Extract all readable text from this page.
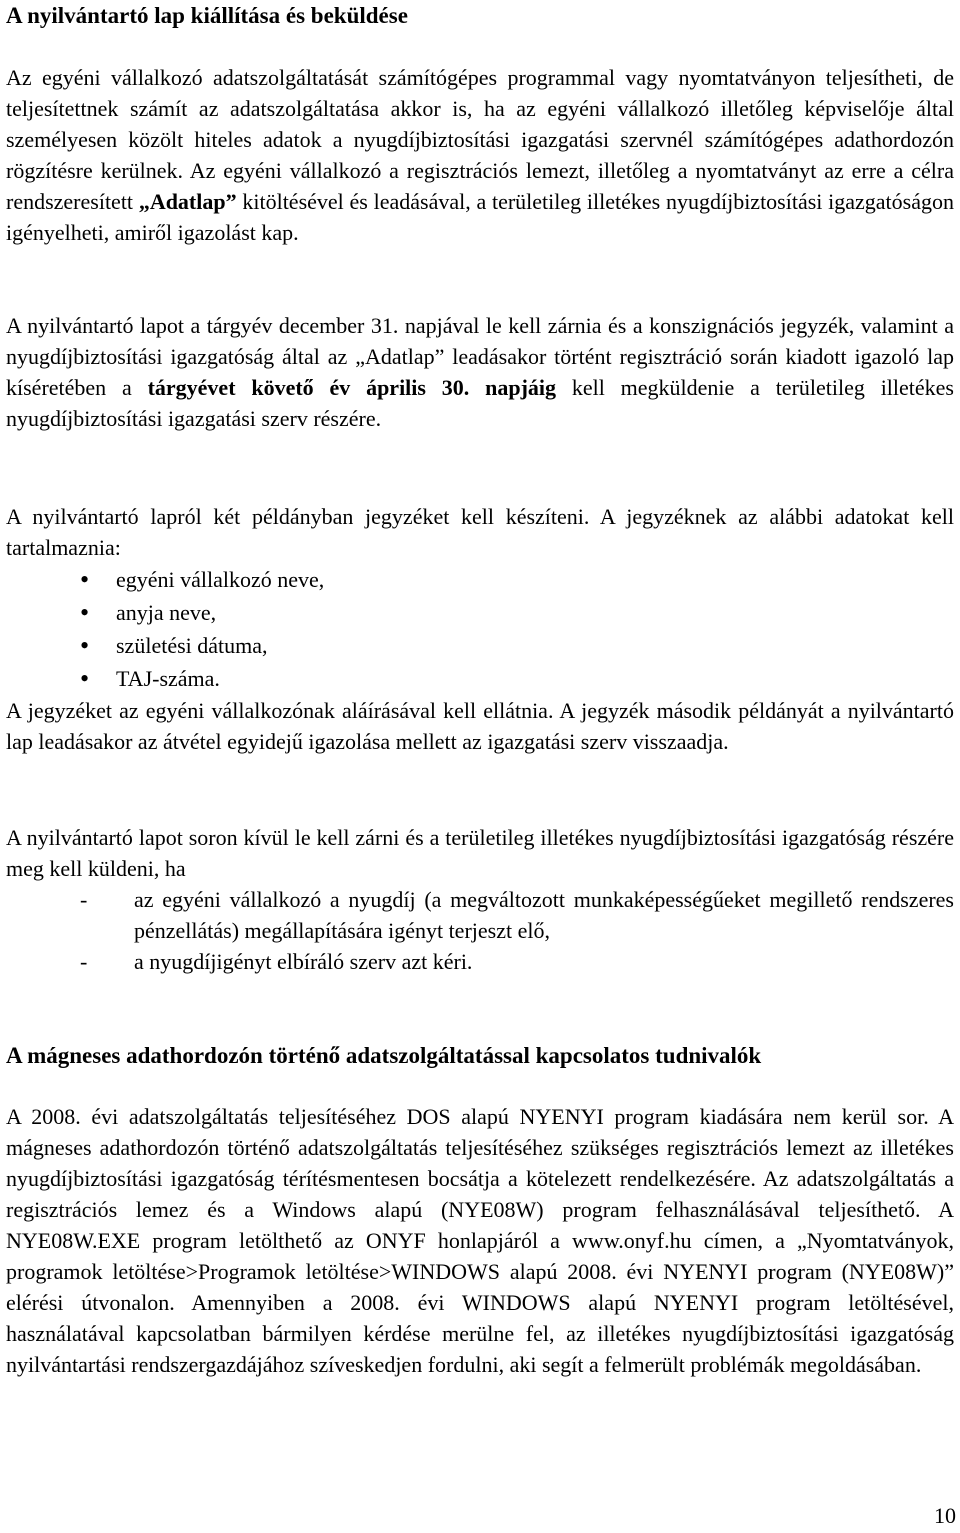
A nyilvántartó lap kiállítása és beküldése

Az egyéni vállalkozó adatszolgáltatását számítógépes programmal vagy nyomtatványon teljesítheti, de teljesítettnek számít az adatszolgáltatása akkor is, ha az egyéni vállalkozó illetőleg képviselője által személyesen közölt hiteles adatok a nyugdíjbiztosítási igazgatási szervnél számítógépes adathordozón rögzítésre kerülnek. Az egyéni vállalkozó a regisztrációs lemezt, illetőleg a nyomtatványt az erre a célra rendszeresített „Adatlap” kitöltésével és leadásával, a területileg illetékes nyugdíjbiztosítási igazgatóságon igényelheti, amiről igazolást kap.

A nyilvántartó lapot a tárgyév december 31. napjával le kell zárnia és a konszignációs jegyzék, valamint a nyugdíjbiztosítási igazgatóság által az „Adatlap” leadásakor történt regisztráció során kiadott igazoló lap kíséretében a tárgyévet követő év április 30. napjáig kell megküldenie a területileg illetékes nyugdíjbiztosítási igazgatási szerv részére.

A nyilvántartó lapról két példányban jegyzéket kell készíteni. A jegyzéknek az alábbi adatokat kell tartalmaznia:

• egyéni vállalkozó neve,
• anyja neve,
• születési dátuma,
• TAJ-száma.

A jegyzéket az egyéni vállalkozónak aláírásával kell ellátnia. A jegyzék második példányát a nyilvántartó lap leadásakor az átvétel egyidejű igazolása mellett az igazgatási szerv visszaadja.

A nyilvántartó lapot soron kívül le kell zárni és a területileg illetékes nyugdíjbiztosítási igazgatóság részére meg kell küldeni, ha

- az egyéni vállalkozó a nyugdíj (a megváltozott munkaképességűeket megillető rendszeres pénzellátás) megállapítására igényt terjeszt elő,
- a nyugdíjigényt elbíráló szerv azt kéri.
A mágneses adathordozón történő adatszolgáltatással kapcsolatos tudnivalók

A 2008. évi adatszolgáltatás teljesítéséhez DOS alapú NYENYI program kiadására nem kerül sor. A mágneses adathordozón történő adatszolgáltatás teljesítéséhez szükséges regisztrációs lemezt az illetékes nyugdíjbiztosítási igazgatóság térítésmentesen bocsátja a kötelezett rendelkezésére. Az adatszolgáltatás a regisztrációs lemez és a Windows alapú (NYE08W) program felhasználásával teljesíthető. A NYE08W.EXE program letölthető az ONYF honlapjáról a www.onyf.hu címen, a „Nyomtatványok, programok letöltése>Programok letöltése>WINDOWS alapú 2008. évi NYENYI program (NYE08W)” elérési útvonalon. Amennyiben a 2008. évi WINDOWS alapú NYENYI program letöltésével, használatával kapcsolatban bármilyen kérdése merülne fel, az illetékes nyugdíjbiztosítási igazgatóság nyilvántartási rendszergazdájához szíveskedjen fordulni, aki segít a felmerült problémák megoldásában.

10
